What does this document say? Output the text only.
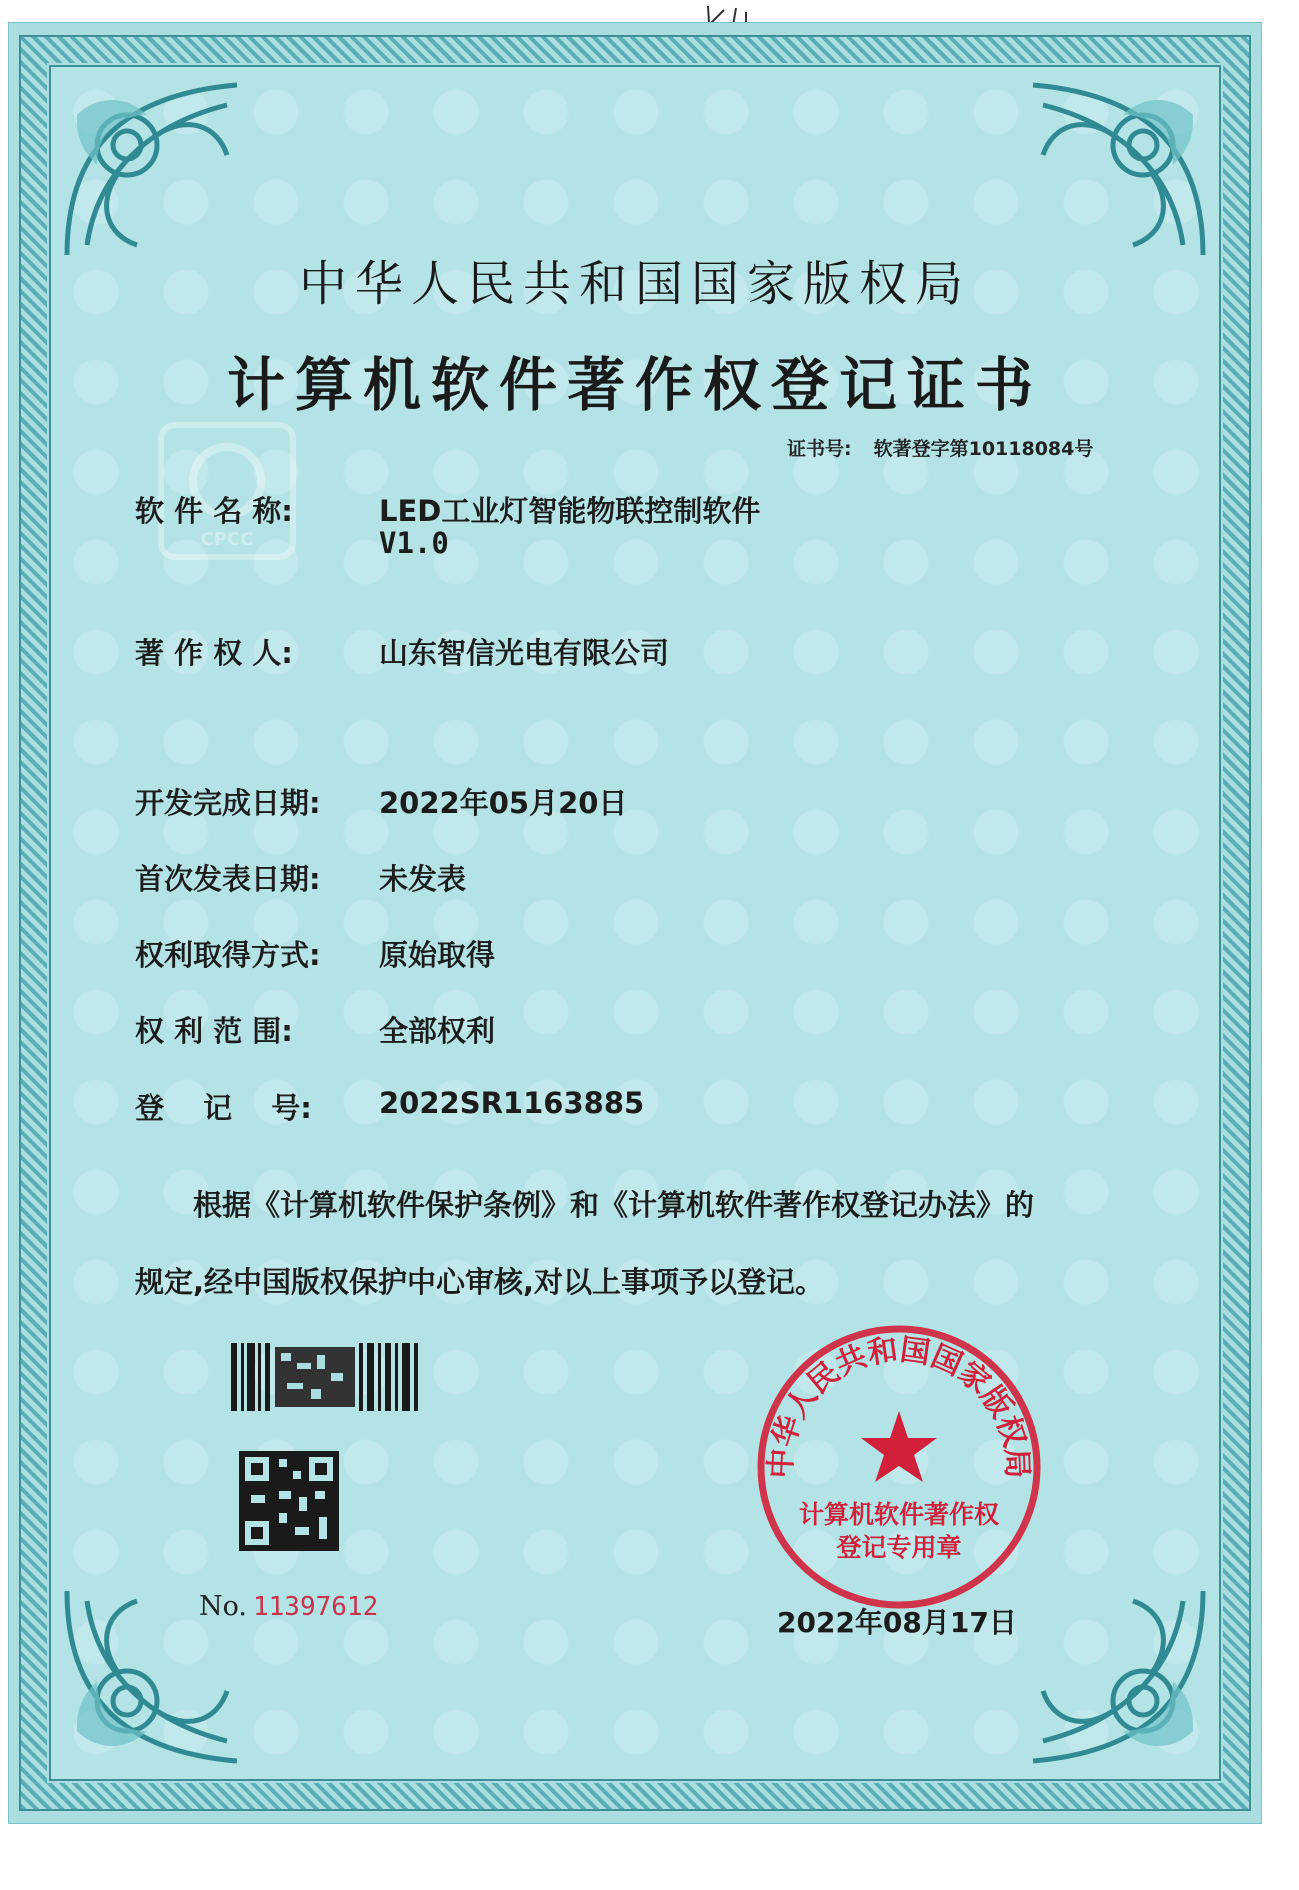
CPCC
中华人民共和国国家版权局
计算机软件著作权登记证书
证书号: 软著登字第10118084号
软 件 名 称:	LED工业灯智能物联控制软件
V1.0
著 作 权 人:	山东智信光电有限公司
开发完成日期: 2022年05月20日
首次发表日期: 未发表
权利取得方式: 原始取得
权 利 范 围:	全部权利
登　 记　 号: 2022SR1163885
根据《计算机软件保护条例》和《计算机软件著作权登记办法》的
规定,经中国版权保护中心审核,对以上事项予以登记。
No. 11397612
中华人民共和国国家版权局
计算机软件著作权
登记专用章
2022年08月17日
